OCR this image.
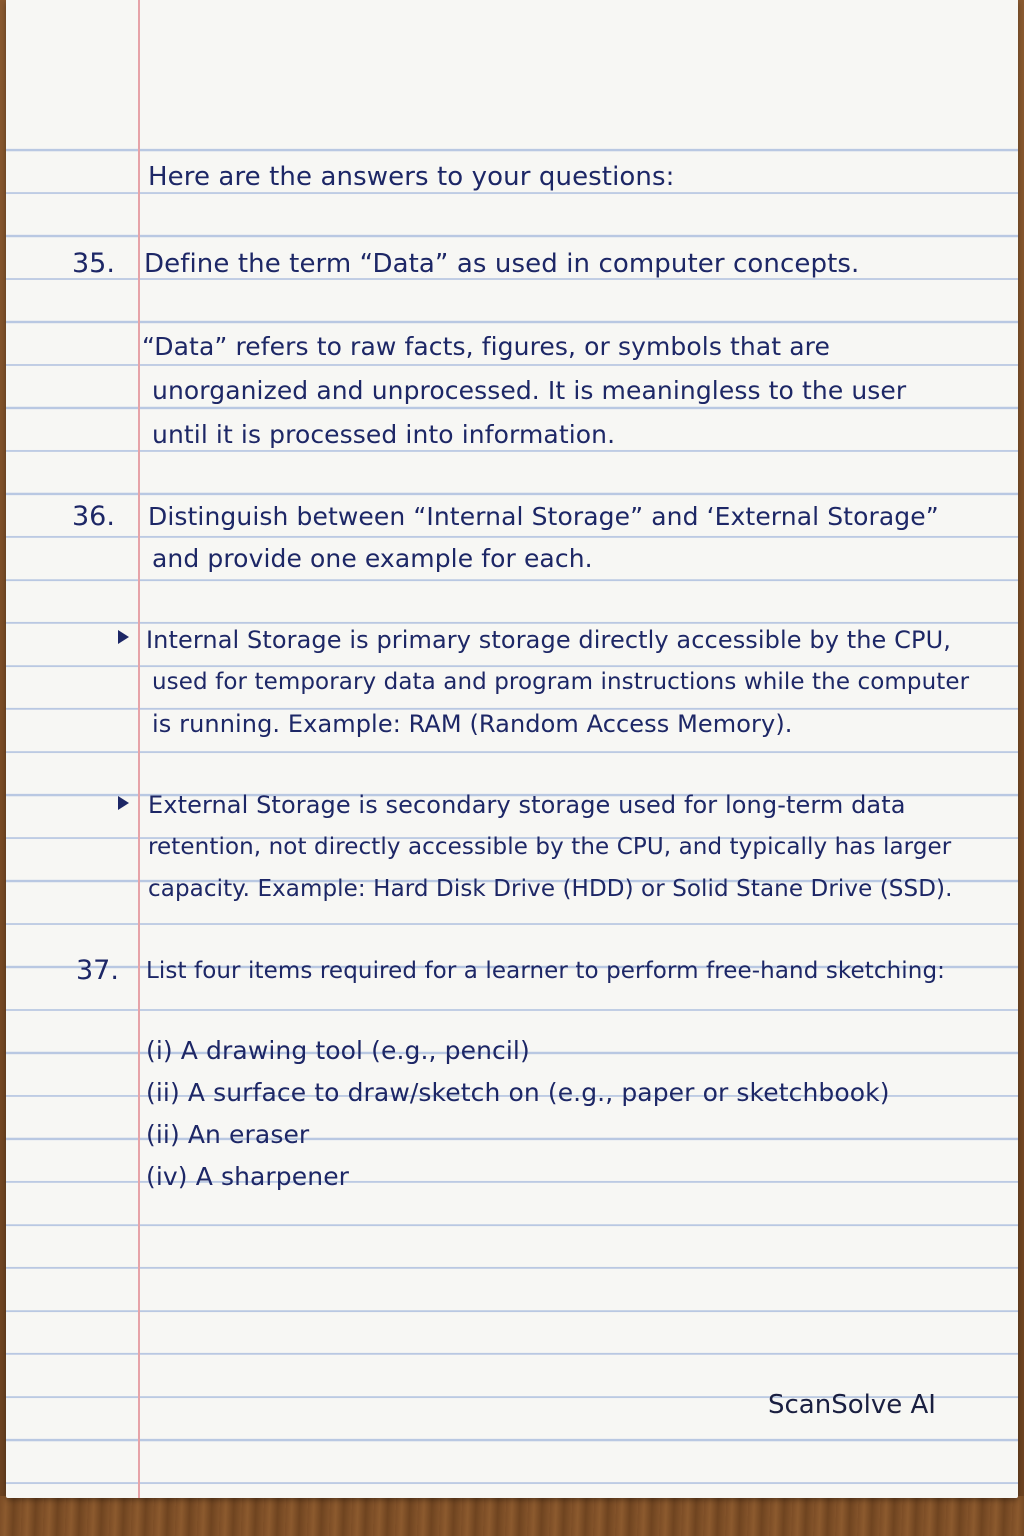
Here are the answers to your questions:
35. Define the term “Data” as used in computer concepts.
“Data” refers to raw facts, figures, or symbols that are
unorganized and unprocessed. It is meaningless to the user
until it is processed into information.
36. Distinguish between “Internal Storage” and ‘External Storage”
and provide one example for each.
Internal Storage is primary storage directly accessible by the CPU,
used for temporary data and program instructions while the computer
is running. Example: RAM (Random Access Memory).
External Storage is secondary storage used for long-term data
retention, not directly accessible by the CPU, and typically has larger
capacity. Example: Hard Disk Drive (HDD) or Solid Stane Drive (SSD).
37. List four items required for a learner to perform free-hand sketching:
(i) A drawing tool (e.g., pencil)
(ii) A surface to draw/sketch on (e.g., paper or sketchbook)
(ii) An eraser
(iv) A sharpener
ScanSolve AI
